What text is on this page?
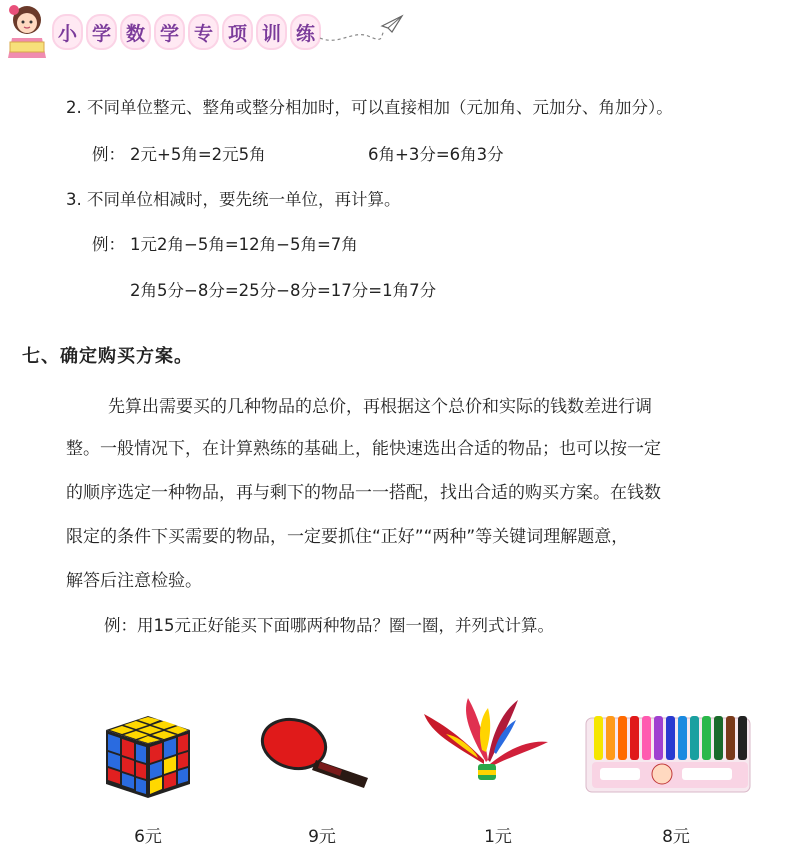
小 学 数 学 专 项 训 练
2. 不同单位整元、整角或整分相加时，可以直接相加（元加角、元加分、角加分）。
例： 2元+5角=2元5角	6角+3分=6角3分
3. 不同单位相减时，要先统一单位，再计算。
例： 1元2角−5角=12角−5角=7角
2角5分−8分=25分−8分=17分=1角7分
七、确定购买方案。
先算出需要买的几种物品的总价，再根据这个总价和实际的钱数差进行调
整。一般情况下，在计算熟练的基础上，能快速选出合适的物品；也可以按一定
的顺序选定一种物品，再与剩下的物品一一搭配，找出合适的购买方案。在钱数
限定的条件下买需要的物品，一定要抓住“正好”“两种”等关键词理解题意，
解答后注意检验。
例：用15元正好能买下面哪两种物品？圈一圈，并列式计算。
6元	9元	1元	8元
